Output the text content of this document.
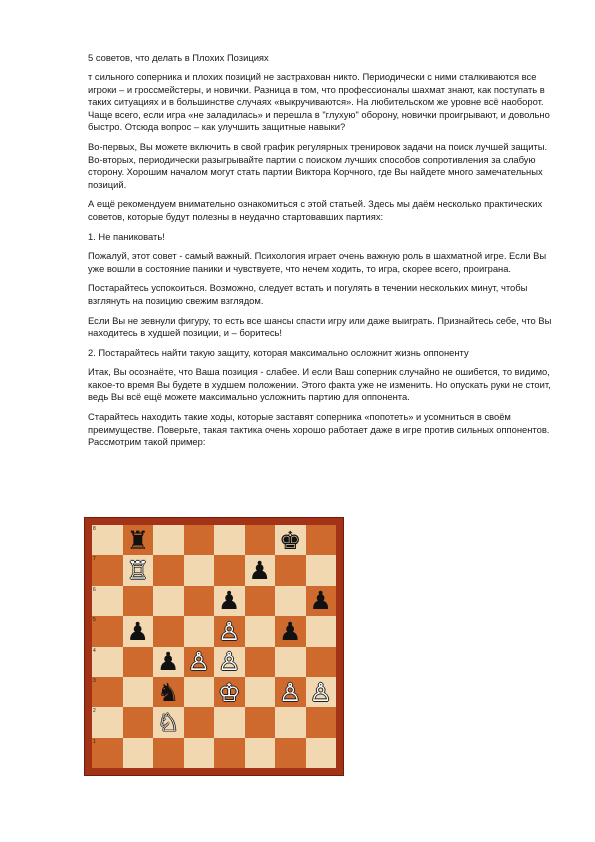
5 советов, что делать в Плохих Позициях

т сильного соперника и плохих позиций не застрахован никто. Периодически с ними сталкиваются все игроки – и гроссмейстеры, и новички. Разница в том, что профессионалы шахмат знают, как поступать в таких ситуациях и в большинстве случаях «выкручиваются». На любительском же уровне всё наоборот. Чаще всего, если игра «не заладилась» и перешла в "глухую" оборону, новички проигрывают, и довольно быстро. Отсюда вопрос – как улучшить защитные навыки?

Во-первых, Вы можете включить в свой график регулярных тренировок задачи на поиск лучшей защиты. Во-вторых, периодически разыгрывайте партии с поиском лучших способов сопротивления за слабую сторону. Хорошим началом могут стать партии Виктора Корчного, где Вы найдете много замечательных позиций.

А ещё рекомендуем внимательно ознакомиться с этой статьей. Здесь мы даём несколько практических советов, которые будут полезны в неудачно стартовавших партиях:

1. Не паниковать!

Пожалуй, этот совет - самый важный. Психология играет очень важную роль в шахматной игре. Если Вы уже вошли в состояние паники и чувствуете, что нечем ходить, то игра, скорее всего, проиграна.

Постарайтесь успокоиться. Возможно, следует встать и погулять в течении нескольких минут, чтобы взглянуть на позицию свежим взглядом.

Если Вы не зевнули фигуру, то есть все шансы спасти игру или даже выиграть. Признайтесь себе, что Вы находитесь в худшей позиции, и – боритесь!

2. Постарайтесь найти такую защиту, которая максимально осложнит жизнь оппоненту

Итак, Вы осознаёте, что Ваша позиция - слабее. И если Ваш соперник случайно не ошибется, то видимо, какое-то время Вы будете в худшем положении. Этого факта уже не изменить. Но опускать руки не стоит, ведь Вы всё ещё можете максимально усложнить партию для оппонента.

Старайтесь находить такие ходы, которые заставят соперника «попотеть» и усомниться в своём преимуществе. Поверьте, такая тактика очень хорошо работает даже в игре против сильных оппонентов. Рассмотрим такой пример:

8 ♜	♚
7 ♖	♟
6	♟	♟
5 ♟	♙ ♟
4 ♟ ♙ ♙
3 ♞ ♔ ♙ ♙
2 ♘
1
